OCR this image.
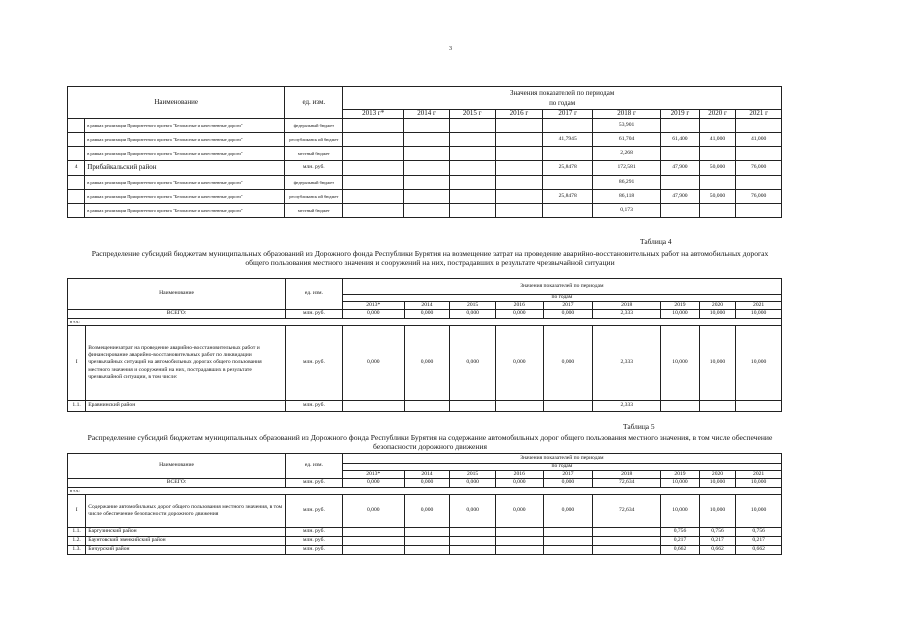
3
Наименование		ед. изм.	Значения показателей по периодам
по годам								
			2013 г*	2014 г	2015 г	2016 г	2017 г	2018 г	2019 г	2020 г	2021 г
	в рамках реализации Приоритетного проекта "Безопасные и качественные дороги"	федеральный бюджет						53,901			
	в рамках реализации Приоритетного проекта "Безопасные и качественные дороги"	республиканск ий бюджет					41,7945	61,704	61,400	41,000	41,000
	в рамках реализации Приоритетного проекта "Безопасные и качественные дороги"	местный бюджет						2,268			
4	Прибайкальский район	млн. руб.					25,8478	172,581	47,900	50,000	76,000
	в рамках реализации Приоритетного проекта "Безопасные и качественные дороги"	федеральный бюджет						86,291			
	в рамках реализации Приоритетного проекта "Безопасные и качественные дороги"	республиканск ий бюджет					25,8478	86,118	47,900	50,000	76,000
	в рамках реализации Приоритетного проекта "Безопасные и качественные дороги"	местный бюджет						0,173			
Таблица 4
Распределение субсидий бюджетам муниципальных образований из Дорожного фонда Республики Бурятия на возмещение затрат на проведение аварийно-восстановительных работ на автомобильных дорогах общего пользования местного значения и сооружений на них, пострадавших в результате чрезвычайной ситуации
Наименование		ед. изм.	Значения показателей по периодам								
			по годам								
			2013*	2014	2015	2016	2017	2018	2019	2020	2021
ВСЕГО:		млн. руб.	0,000	0,000	0,000	0,000	0,000	2,333	10,000	10,000	10,000
в т.ч.:											
I	Возмещениезатрат на проведение аварийно-восстановительных работ и финансирование аварийно-восстановительных работ по ликвидации чрезвычайных ситуаций на автомобильных дорогах общего пользования местного значения и сооружений на них, пострадавших в результате чрезвычайной ситуации, в том числе:	млн. руб.	0,000	0,000	0,000	0,000	0,000	2,333	10,000	10,000	10,000
1.1.	Еравнинский район	млн. руб.						2,333			
Таблица 5
Распределение субсидий бюджетам муниципальных образований из Дорожного фонда Республики Бурятия на содержание автомобильных дорог общего пользования местного значения, в том числе обеспечение безопасности дорожного движения
Наименование		ед. изм.	Значения показателей по периодам								
			по годам								
			2013*	2014	2015	2016	2017	2018	2019	2020	2021
ВСЕГО:		млн. руб.	0,000	0,000	0,000	0,000	0,000	72,634	10,000	10,000	10,000
в т.ч.:											
I	Содержание автомобильных дорог общего пользования местного значения, в том числе обеспечение безопасности дорожного движения	млн. руб.	0,000	0,000	0,000	0,000	0,000	72,634	10,000	10,000	10,000
1.1.	Баргузинский район	млн. руб.							0,756	0,756	0,756
1.2.	Баунтовский эвенкийский район	млн. руб.							0,217	0,217	0,217
1.3.	Бичурский район	млн. руб.							0,662	0,662	0,662
